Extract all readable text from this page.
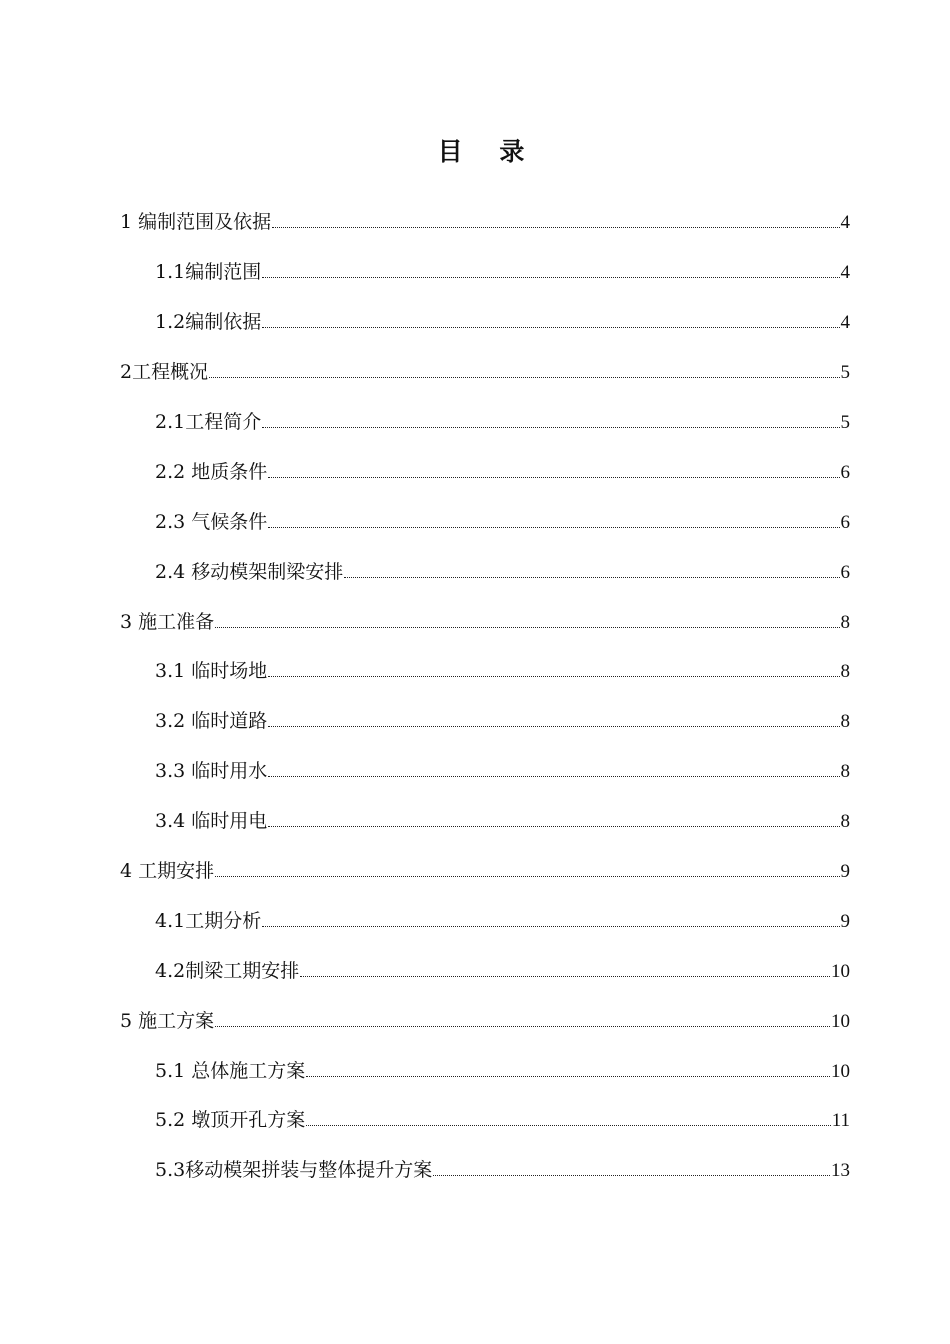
目 录
1 编制范围及依据	4
1.1编制范围	4
1.2编制依据	4
2工程概况	5
2.1工程简介	5
2.2 地质条件	6
2.3 气候条件	6
2.4 移动模架制梁安排	6
3 施工准备	8
3.1 临时场地	8
3.2 临时道路	8
3.3 临时用水	8
3.4 临时用电	8
4 工期安排	9
4.1工期分析	9
4.2制梁工期安排	10
5 施工方案	10
5.1 总体施工方案	10
5.2 墩顶开孔方案	11
5.3移动模架拼装与整体提升方案	13
